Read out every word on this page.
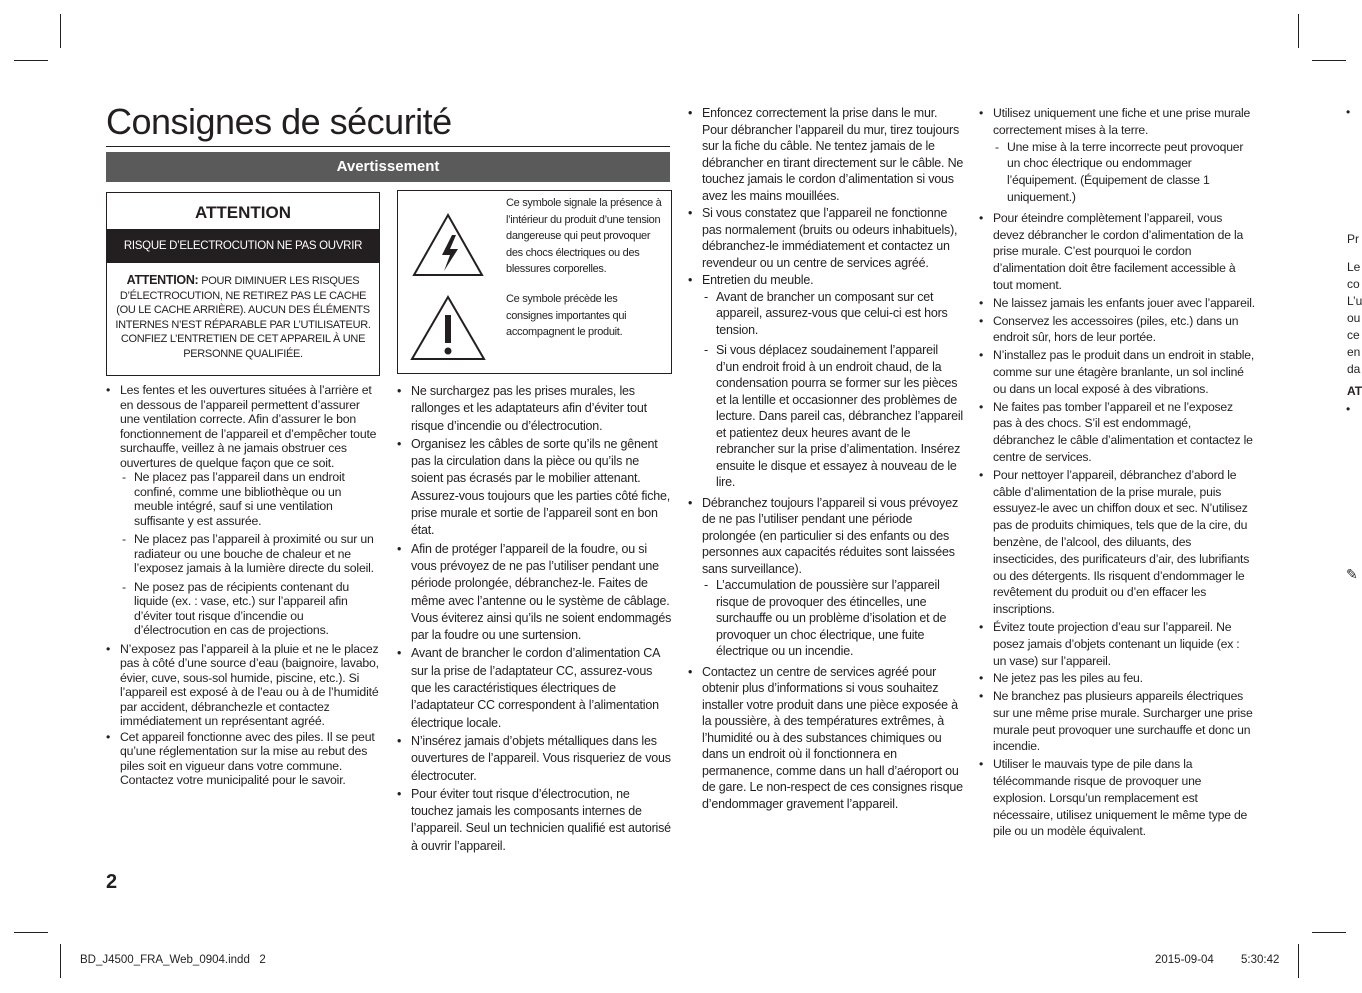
Consignes de sécurité
Avertissement
ATTENTION
RISQUE D’ELECTROCUTION NE PAS OUVRIR
ATTENTION: POUR DIMINUER LES RISQUES D’ÉLECTROCUTION, NE RETIREZ PAS LE CACHE (OU LE CACHE ARRIÈRE). AUCUN DES ÉLÉMENTS INTERNES N’EST RÉPARABLE PAR L’UTILISATEUR. CONFIEZ L’ENTRETIEN DE CET APPAREIL À UNE PERSONNE QUALIFIÉE.
Ce symbole signale la présence à l’intérieur du produit d’une tension dangereuse qui peut provoquer des chocs électriques ou des blessures corporelles.
Ce symbole précède les consignes importantes qui accompagnent le produit.
• Les fentes et les ouvertures situées à l’arrière et en dessous de l’appareil permettent d’assurer une ventilation correcte. Afin d’assurer le bon fonctionnement de l’appareil et d’empêcher toute surchauffe, veillez à ne jamais obstruer ces ouvertures de quelque façon que ce soit.
- Ne placez pas l’appareil dans un endroit confiné, comme une bibliothèque ou un meuble intégré, sauf si une ventilation suffisante y est assurée.
- Ne placez pas l’appareil à proximité ou sur un radiateur ou une bouche de chaleur et ne l’exposez jamais à la lumière directe du soleil.
- Ne posez pas de récipients contenant du liquide (ex. : vase, etc.) sur l’appareil afin d’éviter tout risque d’incendie ou d’électrocution en cas de projections.
• N’exposez pas l’appareil à la pluie et ne le placez pas à côté d’une source d’eau (baignoire, lavabo, évier, cuve, sous-sol humide, piscine, etc.). Si l’appareil est exposé à de l’eau ou à de l’humidité par accident, débranchezle et contactez immédiatement un représentant agréé.
• Cet appareil fonctionne avec des piles. Il se peut qu’une réglementation sur la mise au rebut des piles soit en vigueur dans votre commune. Contactez votre municipalité pour le savoir.
• Ne surchargez pas les prises murales, les rallonges et les adaptateurs afin d’éviter tout risque d’incendie ou d’électrocution.
• Organisez les câbles de sorte qu’ils ne gênent pas la circulation dans la pièce ou qu’ils ne soient pas écrasés par le mobilier attenant. Assurez-vous toujours que les parties côté fiche, prise murale et sortie de l’appareil sont en bon état.
• Afin de protéger l’appareil de la foudre, ou si vous prévoyez de ne pas l’utiliser pendant une période prolongée, débranchez-le. Faites de même avec l’antenne ou le système de câblage. Vous éviterez ainsi qu’ils ne soient endommagés par la foudre ou une surtension.
• Avant de brancher le cordon d’alimentation CA sur la prise de l’adaptateur CC, assurez-vous que les caractéristiques électriques de l’adaptateur CC correspondent à l’alimentation électrique locale.
• N’insérez jamais d’objets métalliques dans les ouvertures de l’appareil. Vous risqueriez de vous électrocuter.
• Pour éviter tout risque d’électrocution, ne touchez jamais les composants internes de l’appareil. Seul un technicien qualifié est autorisé à ouvrir l’appareil.
• Enfoncez correctement la prise dans le mur. Pour débrancher l’appareil du mur, tirez toujours sur la fiche du câble. Ne tentez jamais de le débrancher en tirant directement sur le câble. Ne touchez jamais le cordon d’alimentation si vous avez les mains mouillées.
• Si vous constatez que l’appareil ne fonctionne pas normalement (bruits ou odeurs inhabituels), débranchez-le immédiatement et contactez un revendeur ou un centre de services agréé.
• Entretien du meuble.
- Avant de brancher un composant sur cet appareil, assurez-vous que celui-ci est hors tension.
- Si vous déplacez soudainement l’appareil d’un endroit froid à un endroit chaud, de la condensation pourra se former sur les pièces et la lentille et occasionner des problèmes de lecture. Dans pareil cas, débranchez l’appareil et patientez deux heures avant de le rebrancher sur la prise d’alimentation. Insérez ensuite le disque et essayez à nouveau de le lire.
• Débranchez toujours l’appareil si vous prévoyez de ne pas l’utiliser pendant une période prolongée (en particulier si des enfants ou des personnes aux capacités réduites sont laissées sans surveillance).
- L’accumulation de poussière sur l’appareil risque de provoquer des étincelles, une surchauffe ou un problème d’isolation et de provoquer un choc électrique, une fuite électrique ou un incendie.
• Contactez un centre de services agréé pour obtenir plus d’informations si vous souhaitez installer votre produit dans une pièce exposée à la poussière, à des températures extrêmes, à l’humidité ou à des substances chimiques ou dans un endroit où il fonctionnera en permanence, comme dans un hall d’aéroport ou de gare. Le non-respect de ces consignes risque d’endommager gravement l’appareil.
• Utilisez uniquement une fiche et une prise murale correctement mises à la terre.
- Une mise à la terre incorrecte peut provoquer un choc électrique ou endommager l’équipement. (Équipement de classe 1 uniquement.)
• Pour éteindre complètement l’appareil, vous devez débrancher le cordon d’alimentation de la prise murale. C’est pourquoi le cordon d’alimentation doit être facilement accessible à tout moment.
• Ne laissez jamais les enfants jouer avec l’appareil.
• Conservez les accessoires (piles, etc.) dans un endroit sûr, hors de leur portée.
• N’installez pas le produit dans un endroit in stable, comme sur une étagère branlante, un sol incliné ou dans un local exposé à des vibrations.
• Ne faites pas tomber l’appareil et ne l’exposez pas à des chocs. S’il est endommagé, débranchez le câble d’alimentation et contactez le centre de services.
• Pour nettoyer l’appareil, débranchez d’abord le câble d’alimentation de la prise murale, puis essuyez-le avec un chiffon doux et sec. N’utilisez pas de produits chimiques, tels que de la cire, du benzène, de l’alcool, des diluants, des insecticides, des purificateurs d’air, des lubrifiants ou des détergents. Ils risquent d’endommager le revêtement du produit ou d’en effacer les inscriptions.
• Évitez toute projection d’eau sur l’appareil. Ne posez jamais d’objets contenant un liquide (ex : un vase) sur l’appareil.
• Ne jetez pas les piles au feu.
• Ne branchez pas plusieurs appareils électriques sur une même prise murale. Surcharger une prise murale peut provoquer une surchauffe et donc un incendie.
• Utiliser le mauvais type de pile dans la télécommande risque de provoquer une explosion. Lorsqu’un remplacement est nécessaire, utilisez uniquement le même type de pile ou un modèle équivalent.
•
Pr
Le
co
L’u
ou
ce
en
da
AT
•
✎
2
BD_J4500_FRA_Web_0904.indd   2	2015-09-04 5:30:42
